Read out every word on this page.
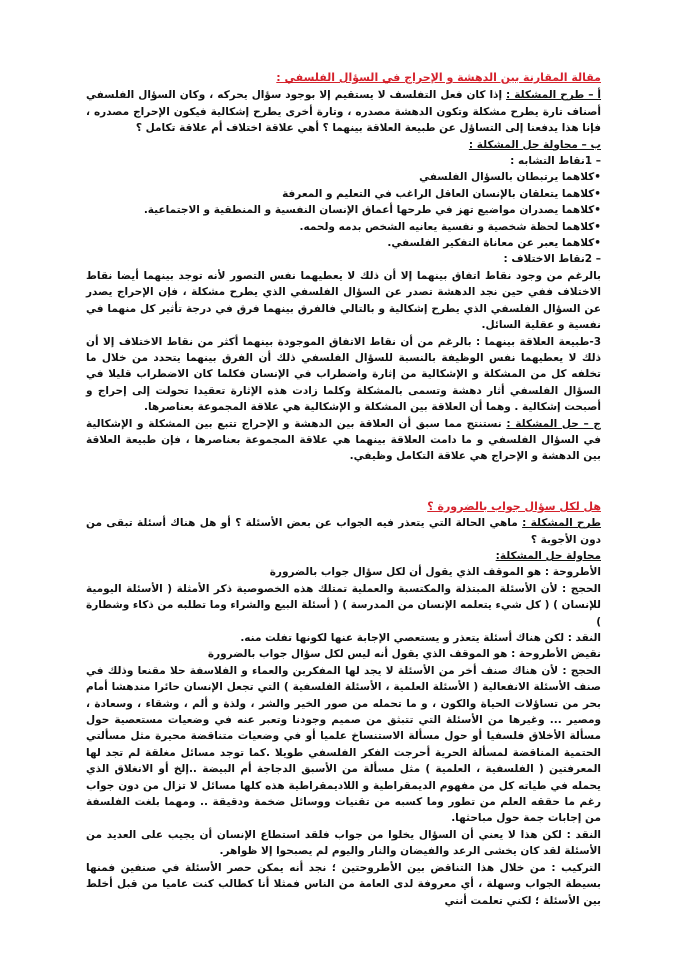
مقالة المقارنة بين الدهشة و الإحراج في السؤال الفلسفي :

أ – طرح المشكلة : إذا كان فعل التفلسف لا يستقيم إلا بوجود سؤال يحركه ، وكان السؤال الفلسفي أصناف تارة يطرح مشكلة وتكون الدهشة مصدره ، وتارة أخرى يطرح إشكالية فيكون الإحراج مصدره ، فإنا هذا يدفعنا إلى التساؤل عن طبيعة العلاقة بينهما ؟ أهي علاقة اختلاف أم علاقة تكامل ؟

ب – محاولة حل المشكلة :
– 1نقاط التشابه :
•كلاهما يرتبطان بالسؤال الفلسفي
•كلاهما يتعلقان بالإنسان العاقل الراغب في التعليم و المعرفة
•كلاهما يصدران مواضيع تهز في طرحها أعماق الإنسان النفسية و المنطقية و الاجتماعية.
•كلاهما لحظة شخصية و نفسية يعانيه الشخص بدمه ولحمه.
•كلاهما يعبر عن معاناة التفكير الفلسفي.
– 2نقاط الاختلاف :

بالرغم من وجود نقاط اتفاق بينهما إلا أن ذلك لا يعطيهما نفس التصور لأنه توجد بينهما أيضا نقاط الاختلاف ففي حين نجد الدهشة تصدر عن السؤال الفلسفي الذي يطرح مشكلة ، فإن الإحراج يصدر عن السؤال الفلسفي الذي يطرح إشكالية و بالتالي فالفرق بينهما فرق في درجة تأثير كل منهما في نفسية و عقلية السائل.

3-طبيعة العلاقة بينهما : بالرغم من أن نقاط الاتفاق الموجودة بينهما أكثر من نقاط الاختلاف إلا أن ذلك لا يعطيهما نفس الوظيفة بالنسبة للسؤال الفلسفي ذلك أن الفرق بينهما يتحدد من خلال ما تخلفه كل من المشكلة و الإشكالية من إثارة واضطراب في الإنسان فكلما كان الاضطراب قليلا في السؤال الفلسفي أثار دهشة وتسمى بالمشكلة وكلما زادت هذه الإثارة تعقيدا تحولت إلى إحراج و أصبحت إشكالية . وهما أن العلاقة بين المشكلة و الإشكالية هي علاقة المجموعة بعناصرها.

ج – حل المشكلة : نستنتج مما سبق أن العلاقة بين الدهشة و الإحراج تتبع بين المشكلة و الإشكالية في السؤال الفلسفي و ما دامت العلاقة بينهما هي علاقة المجموعة بعناصرها ، فإن طبيعة العلاقة بين الدهشة و الإحراج هي علاقة التكامل وظيفي.

هل لكل سؤال جواب بالضرورة ؟

طرح المشكلة : ماهي الحالة التي يتعذر فيه الجواب عن بعض الأسئلة ؟ أو هل هناك أسئلة تبقى من دون الأجوبة ؟

محاولة حل المشكلة:

الأطروحة : هو الموقف الذي يقول أن لكل سؤال جواب بالضرورة

الحجج : لأن الأسئلة المبتذلة والمكتسبة والعملية تمتلك هذه الخصوصية ذكر الأمثلة ( الأسئلة اليومية للإنسان ) ( كل شيء يتعلمه الإنسان من المدرسة ) ( أسئلة البيع والشراء وما تطلبه من ذكاء وشطارة )

النقد : لكن هناك أسئلة يتعذر و يستعصي الإجابة عنها لكونها تفلت منه.

نقيض الأطروحة : هو الموقف الذي يقول أنه ليس لكل سؤال جواب بالضرورة

الحجج : لأن هناك صنف أخر من الأسئلة لا يجد لها المفكرين والعماء و الفلاسفة حلا مقنعا وذلك في صنف الأسئلة الانفعالية ( الأسئلة العلمية ، الأسئلة الفلسفية ) التي تجعل الإنسان حائرا مندهشا أمام بحر من تساؤلات الحياة والكون ، و ما تحمله من صور الخير والشر ، ولذة و ألم ، وشقاء ، وسعادة ، ومصير ... وغيرها من الأسئلة التي تتبثق من صميم وجودنا وتعبر عنه في وضعيات مستعصية حول مسألة الأخلاق فلسفيا أو حول مسألة الاستنساخ علميا أو في وضعيات متناقضة محيرة مثل مسألتي الحتمية المناقضة لمسألة الحرية أحرجت الفكر الفلسفي طويلا .كما توجد مسائل مغلقة لم تجد لها المعرفتين ( الفلسفية ، العلمية ) مثل مسألة من الأسبق الدجاجة أم البيضة ..إلخ أو الانغلاق الذي يحمله في طياته كل من مفهوم الديمقراطية و اللاديمقراطية هذه كلها مسائل لا تزال من دون جواب رغم ما حققه العلم من تطور وما كسبه من تقنيات ووسائل ضخمة ودقيقة .. ومهما بلغت الفلسفة من إجابات جمة حول مباحثها.

النقد : لكن هذا لا يعني أن السؤال يخلوا من جواب فلقد استطاع الإنسان أن يجيب على العديد من الأسئلة لقد كان يخشى الرعد والفيضان والنار واليوم لم يصبحوا إلا ظواهر.

التركيب : من خلال هذا التناقض بين الأطروحتين ؛ نجد أنه يمكن حصر الأسئلة في صنفين فمنها بسيطة الجواب وسهلة ، أي معروفة لدى العامة من الناس فمثلا أنا كطالب كنت عاميا من قبل أخلط بين الأسئلة ؛ لكني تعلمت أنني
